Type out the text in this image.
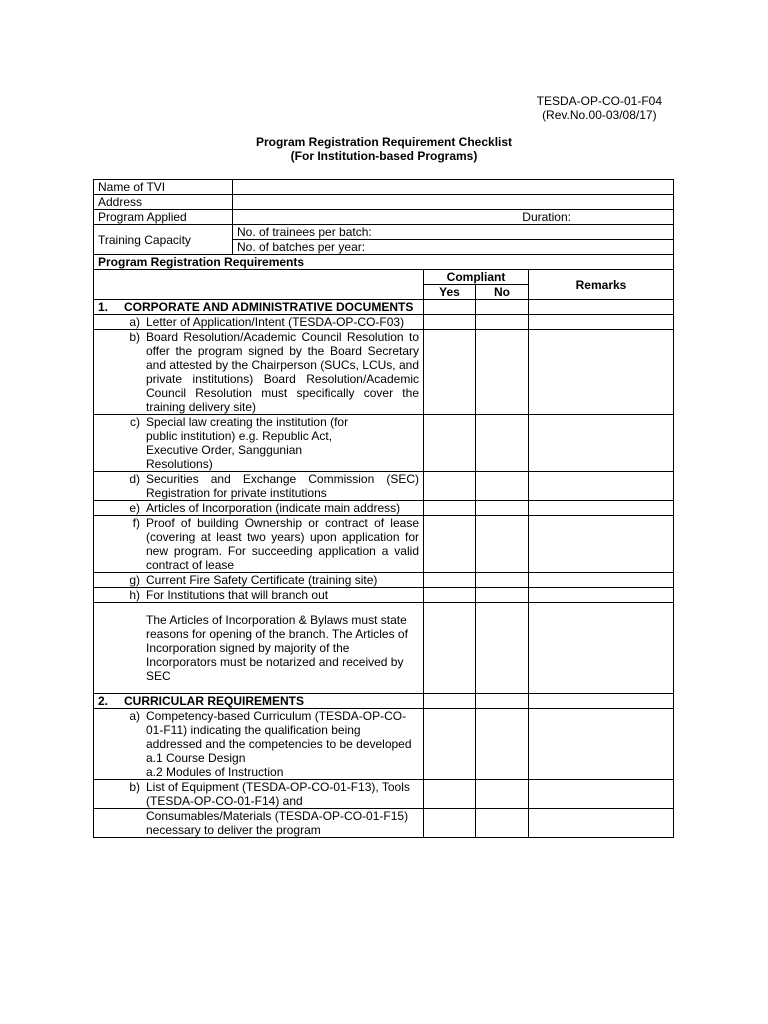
TESDA-OP-CO-01-F04
(Rev.No.00-03/08/17)
Program Registration Requirement Checklist
(For Institution-based Programs)
Name of TVI				
Address				
Program Applied	Duration:			

Training Capacity	No. of trainees per batch:			
	No. of batches per year:			
Program Registration Requirements				
		Compliant		Remarks
		Yes	No	

1. CORPORATE AND ADMINISTRATIVE DOCUMENTS				

a) Letter of Application/Intent (TESDA-OP-CO-F03)				

b) Board Resolution/Academic Council Resolution to offer the program signed by the Board Secretary and attested by the Chairperson (SUCs, LCUs, and private institutions) Board Resolution/Academic Council Resolution must specifically cover the training delivery site)				

c) Special law creating the institution (for public institution) e.g. Republic Act, Executive Order, Sanggunian Resolutions)				

d) Securities and Exchange Commission (SEC) Registration for private institutions				

e) Articles of Incorporation (indicate main address)				

f) Proof of building Ownership or contract of lease (covering at least two years) upon application for new program. For succeeding application a valid contract of lease				

g) Current Fire Safety Certificate (training site)				

h) For Institutions that will branch out				

The Articles of Incorporation & Bylaws must state reasons for opening of the branch. The Articles of Incorporation signed by majority of the Incorporators must be notarized and received by SEC				

2. CURRICULAR REQUIREMENTS				

a) Competency-based Curriculum (TESDA-OP-CO-01-F11) indicating the qualification being addressed and the competencies to be developed
a.1 Course Design
a.2 Modules of Instruction				

b) List of Equipment (TESDA-OP-CO-01-F13), Tools (TESDA-OP-CO-01-F14) and				

Consumables/Materials (TESDA-OP-CO-01-F15) necessary to deliver the program				
